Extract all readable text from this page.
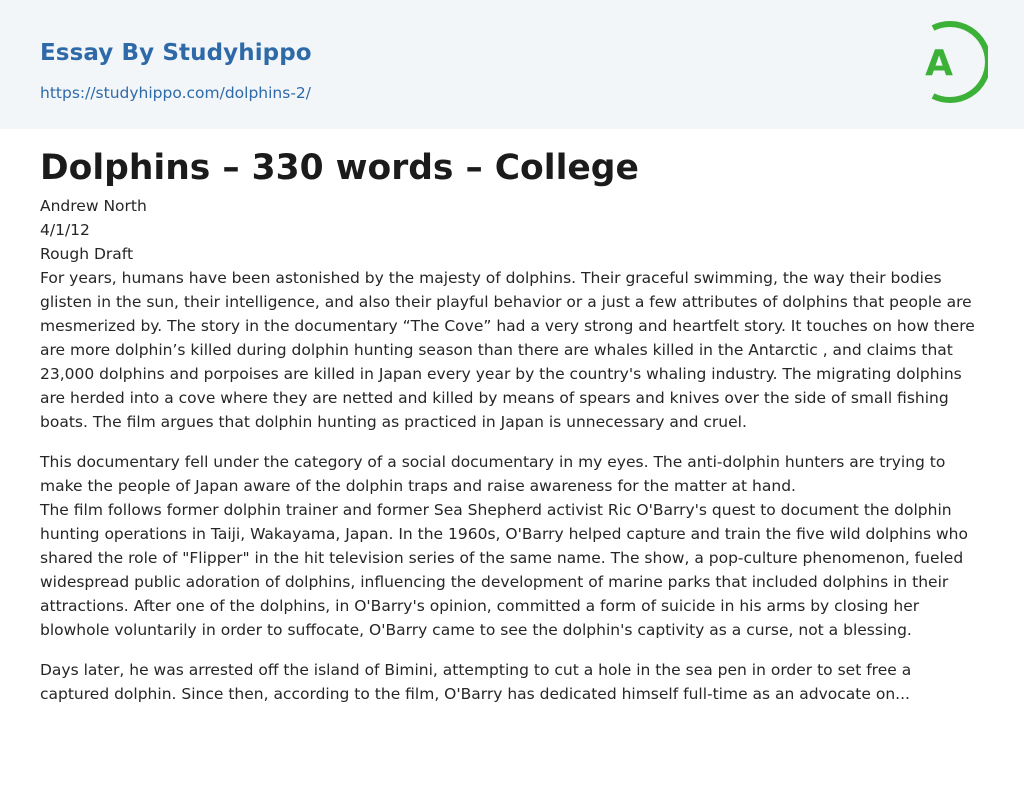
Essay By Studyhippo
https://studyhippo.com/dolphins-2/
A
Dolphins – 330 words – College
Andrew North
4/1/12
Rough Draft

For years, humans have been astonished by the majesty of dolphins. Their graceful swimming, the way their bodies glisten in the sun, their intelligence, and also their playful behavior or a just a few attributes of dolphins that people are mesmerized by. The story in the documentary “The Cove” had a very strong and heartfelt story. It touches on how there are more dolphin’s killed during dolphin hunting season than there are whales killed in the Antarctic , and claims that 23,000 dolphins and porpoises are killed in Japan every year by the country's whaling industry. The migrating dolphins are herded into a cove where they are netted and killed by means of spears and knives over the side of small fishing boats. The film argues that dolphin hunting as practiced in Japan is unnecessary and cruel.

This documentary fell under the category of a social documentary in my eyes. The anti-dolphin hunters are trying to make the people of Japan aware of the dolphin traps and raise awareness for the matter at hand.

The film follows former dolphin trainer and former Sea Shepherd activist Ric O'Barry's quest to document the dolphin hunting operations in Taiji, Wakayama, Japan. In the 1960s, O'Barry helped capture and train the five wild dolphins who shared the role of "Flipper" in the hit television series of the same name. The show, a pop-culture phenomenon, fueled widespread public adoration of dolphins, influencing the development of marine parks that included dolphins in their attractions. After one of the dolphins, in O'Barry's opinion, committed a form of suicide in his arms by closing her blowhole voluntarily in order to suffocate, O'Barry came to see the dolphin's captivity as a curse, not a blessing.

Days later, he was arrested off the island of Bimini, attempting to cut a hole in the sea pen in order to set free a captured dolphin. Since then, according to the film, O'Barry has dedicated himself full-time as an advocate on...
